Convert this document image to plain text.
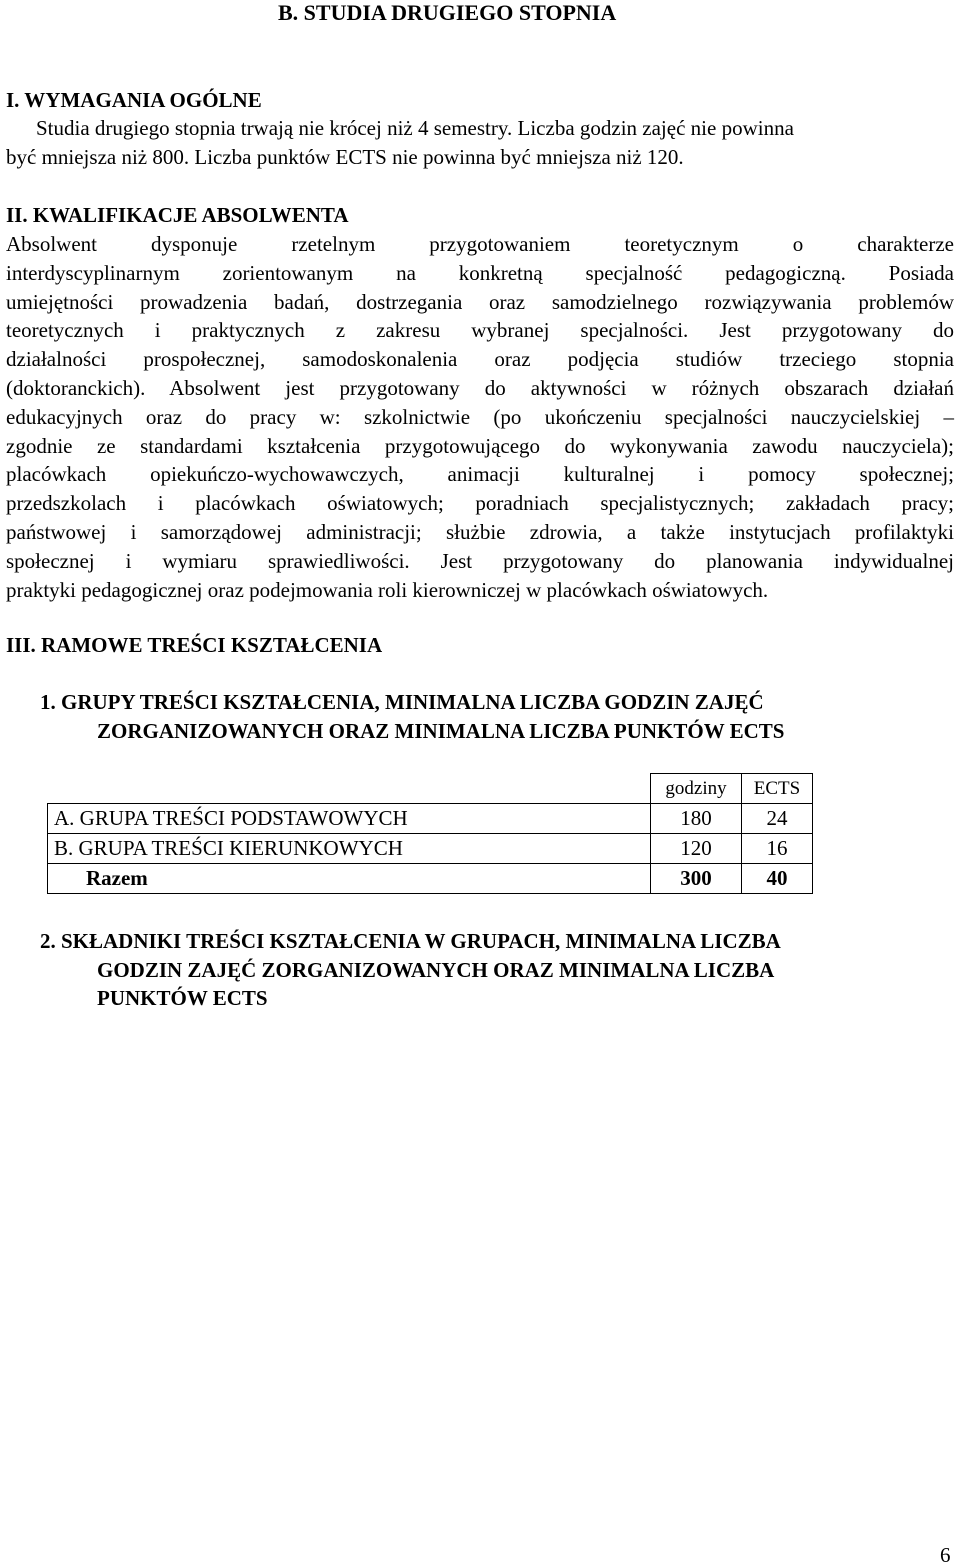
B. STUDIA DRUGIEGO STOPNIA
I. WYMAGANIA OGÓLNE
Studia drugiego stopnia trwają nie krócej niż 4 semestry. Liczba godzin zajęć nie powinna
być mniejsza niż 800. Liczba punktów ECTS nie powinna być mniejsza niż 120.
II. KWALIFIKACJE ABSOLWENTA
Absolwent dysponuje rzetelnym przygotowaniem teoretycznym o charakterze
interdyscyplinarnym zorientowanym na konkretną specjalność pedagogiczną. Posiada
umiejętności prowadzenia badań, dostrzegania oraz samodzielnego rozwiązywania problemów
teoretycznych i praktycznych z zakresu wybranej specjalności. Jest przygotowany do
działalności prospołecznej, samodoskonalenia oraz podjęcia studiów trzeciego stopnia
(doktoranckich). Absolwent jest przygotowany do aktywności w różnych obszarach działań
edukacyjnych oraz do pracy w: szkolnictwie (po ukończeniu specjalności nauczycielskiej –
zgodnie ze standardami kształcenia przygotowującego do wykonywania zawodu nauczyciela);
placówkach opiekuńczo-wychowawczych, animacji kulturalnej i pomocy społecznej;
przedszkolach i placówkach oświatowych; poradniach specjalistycznych; zakładach pracy;
państwowej i samorządowej administracji; służbie zdrowia, a także instytucjach profilaktyki
społecznej i wymiaru sprawiedliwości. Jest przygotowany do planowania indywidualnej
praktyki pedagogicznej oraz podejmowania roli kierowniczej w placówkach oświatowych.
III. RAMOWE TREŚCI KSZTAŁCENIA
1. GRUPY TREŚCI KSZTAŁCENIA, MINIMALNA LICZBA GODZIN ZAJĘĆ
ZORGANIZOWANYCH ORAZ MINIMALNA LICZBA PUNKTÓW ECTS
	godziny	ECTS
A. GRUPA TREŚCI PODSTAWOWYCH	180	24
B. GRUPA TREŚCI KIERUNKOWYCH	120	16
Razem	300	40
2. SKŁADNIKI TREŚCI KSZTAŁCENIA W GRUPACH, MINIMALNA LICZBA
GODZIN ZAJĘĆ ZORGANIZOWANYCH ORAZ MINIMALNA LICZBA
PUNKTÓW ECTS
6
